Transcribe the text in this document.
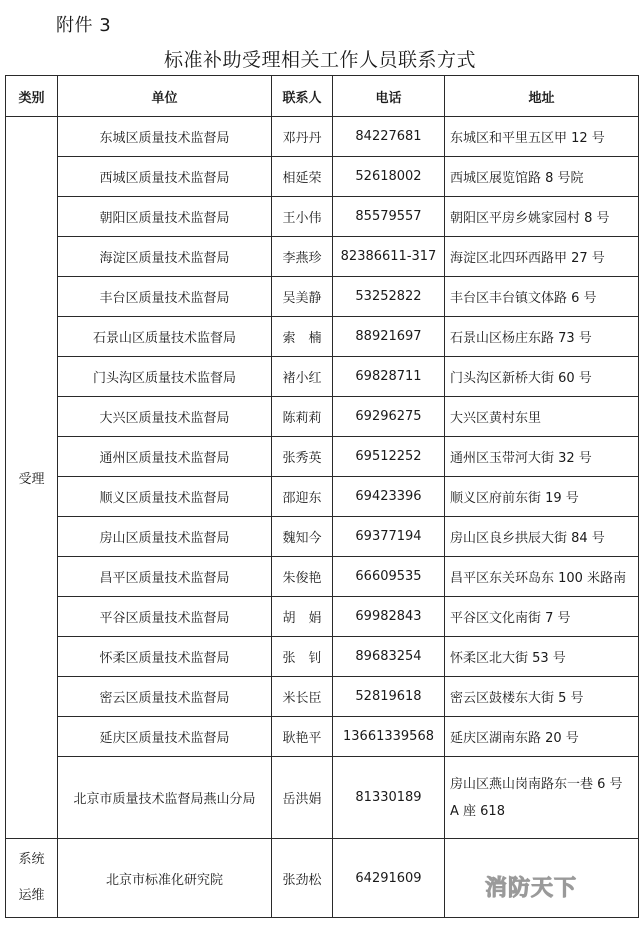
附件 3
标准补助受理相关工作人员联系方式
类别	单位	联系人	电话	地址
受理	东城区质量技术监督局	邓丹丹	84227681	东城区和平里五区甲 12 号
	西城区质量技术监督局	相延荣	52618002	西城区展览馆路 8 号院
	朝阳区质量技术监督局	王小伟	85579557	朝阳区平房乡姚家园村 8 号
	海淀区质量技术监督局	李燕珍	82386611-317	海淀区北四环西路甲 27 号
	丰台区质量技术监督局	吴美静	53252822	丰台区丰台镇文体路 6 号
	石景山区质量技术监督局	索　楠	88921697	石景山区杨庄东路 73 号
	门头沟区质量技术监督局	褚小红	69828711	门头沟区新桥大街 60 号
	大兴区质量技术监督局	陈莉莉	69296275	大兴区黄村东里
	通州区质量技术监督局	张秀英	69512252	通州区玉带河大街 32 号
	顺义区质量技术监督局	邵迎东	69423396	顺义区府前东街 19 号
	房山区质量技术监督局	魏知今	69377194	房山区良乡拱辰大街 84 号
	昌平区质量技术监督局	朱俊艳	66609535	昌平区东关环岛东 100 米路南
	平谷区质量技术监督局	胡　娟	69982843	平谷区文化南街 7 号
	怀柔区质量技术监督局	张　钊	89683254	怀柔区北大街 53 号
	密云区质量技术监督局	米长臣	52819618	密云区鼓楼东大街 5 号
	延庆区质量技术监督局	耿艳平	13661339568	延庆区湖南东路 20 号
	北京市质量技术监督局燕山分局	岳洪娟	81330189	房山区燕山岗南路东一巷 6 号
A 座 618

系统
运维	北京市标准化研究院	张劲松	64291609		消防天下
